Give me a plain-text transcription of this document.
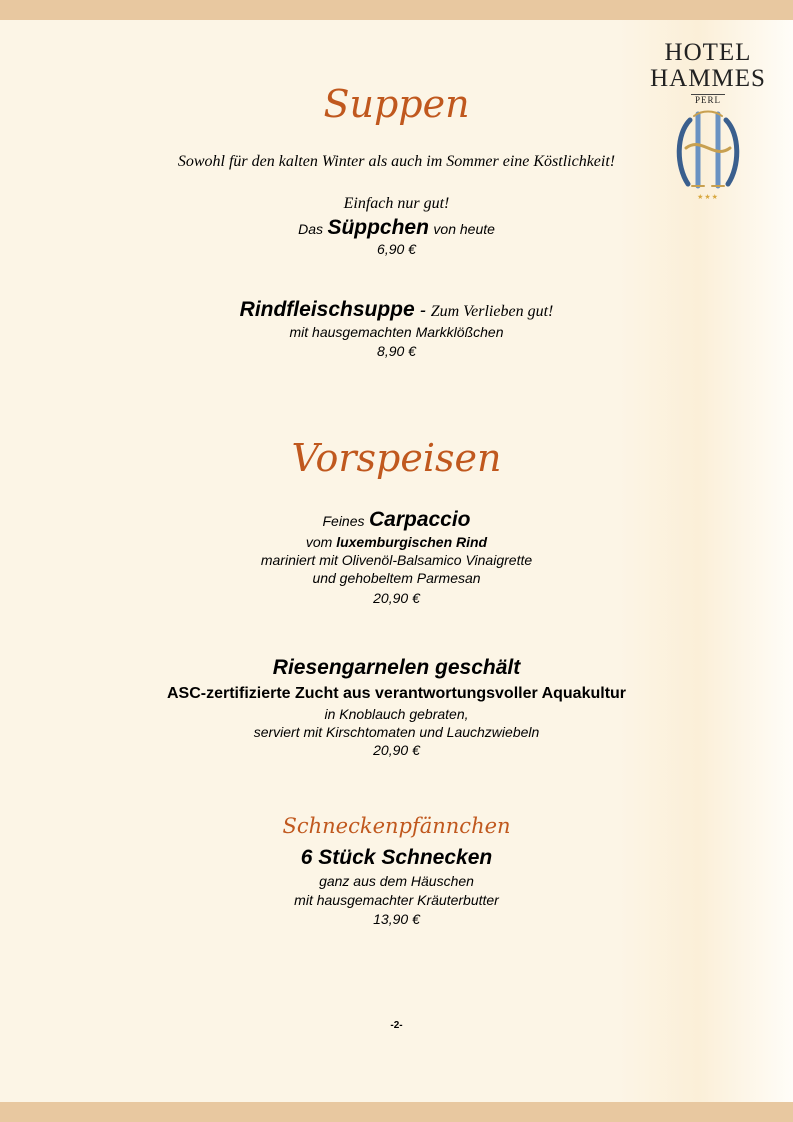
HOTEL
HAMMES
PERL
★★★
Suppen
Sowohl für den kalten Winter als auch im Sommer eine Köstlichkeit!
Einfach nur gut!
Das Süppchen von heute
6,90 €
Rindfleischsuppe - Zum Verlieben gut!
mit hausgemachten Markklößchen
8,90 €
Vorspeisen
Feines Carpaccio
vom luxemburgischen Rind
mariniert mit Olivenöl-Balsamico Vinaigrette
und gehobeltem Parmesan
20,90 €
Riesengarnelen geschält
ASC-zertifizierte Zucht aus verantwortungsvoller Aquakultur
in Knoblauch gebraten,
serviert mit Kirschtomaten und Lauchzwiebeln
20,90 €
Schneckenpfännchen
6 Stück Schnecken
ganz aus dem Häuschen
mit hausgemachter Kräuterbutter
13,90 €
-2-
